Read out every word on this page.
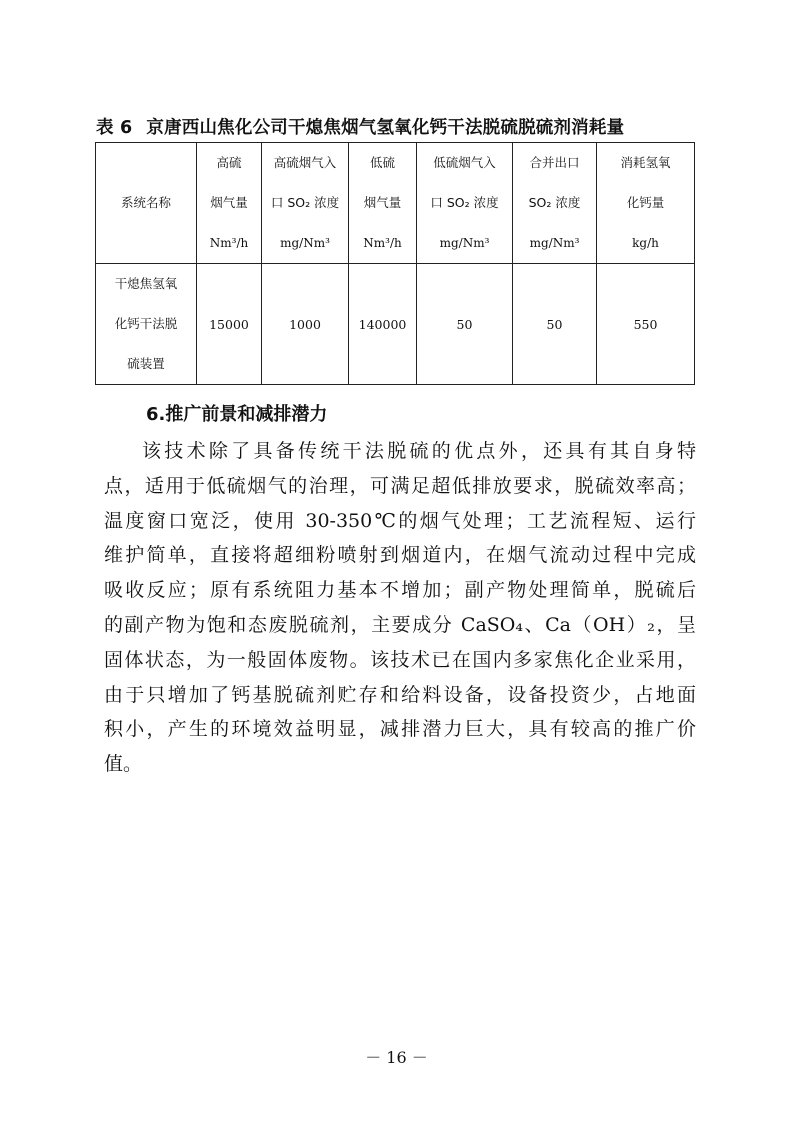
表 6 京唐西山焦化公司干熄焦烟气氢氧化钙干法脱硫脱硫剂消耗量
系统名称	高硫
烟气量
Nm³/h	高硫烟气入
口 SO₂ 浓度
mg/Nm³	低硫
烟气量
Nm³/h	低硫烟气入
口 SO₂ 浓度
mg/Nm³	合并出口
SO₂ 浓度
mg/Nm³	消耗氢氧
化钙量
kg/h

干熄焦氢氧
化钙干法脱
硫装置	15000	1000	140000	50	50	550
6.推广前景和减排潜力
该技术除了具备传统干法脱硫的优点外，还具有其自身特
点，适用于低硫烟气的治理，可满足超低排放要求，脱硫效率高；
温度窗口宽泛，使用 30-350℃的烟气处理；工艺流程短、运行
维护简单，直接将超细粉喷射到烟道内，在烟气流动过程中完成
吸收反应；原有系统阻力基本不增加；副产物处理简单，脱硫后
的副产物为饱和态废脱硫剂，主要成分 CaSO₄、Ca（OH）₂，呈
固体状态，为一般固体废物。该技术已在国内多家焦化企业采用，
由于只增加了钙基脱硫剂贮存和给料设备，设备投资少，占地面
积小，产生的环境效益明显，减排潜力巨大，具有较高的推广价
值。
－ 16 －
